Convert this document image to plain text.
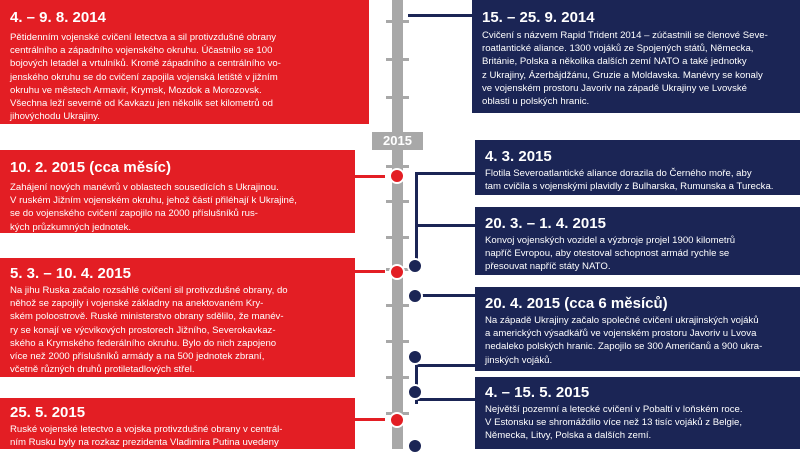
2015
4. – 9. 8. 2014
Pětidenním vojenské cvičení letectva a sil protivzdušné obrany
centrálního a západního vojenského okruhu. Účastnilo se 100
bojových letadel a vrtulníků. Kromě západního a centrálního vo-
jenského okruhu se do cvičení zapojila vojenská letiště v jižním
okruhu ve městech Armavir, Krymsk, Mozdok a Morozovsk.
Všechna leží severně od Kavkazu jen několik set kilometrů od
jihovýchodu Ukrajiny.
10. 2. 2015 (cca měsíc)
Zahájení nových manévrů v oblastech sousedících s Ukrajinou.
V ruském Jižním vojenském okruhu, jehož částí přiléhají k Ukrajiné,
se do vojenského cvičení zapojilo na 2000 příslušníků rus-
kých průzkumných jednotek.
5. 3. – 10. 4. 2015
Na jihu Ruska začalo rozsáhlé cvičení sil protivzdušné obrany, do
něhož se zapojily i vojenské základny na anektovaném Kry-
ském poloostrově. Ruské ministerstvo obrany sdělilo, že manév-
ry se konají ve výcvikových prostorech Jižního, Severokavkaz-
ského a Krymského federálního okruhu. Bylo do nich zapojeno
více než 2000 příslušníků armády a na 500 jednotek zbraní,
včetně různých druhů protiletadlových střel.
25. 5. 2015
Ruské vojenské letectvo a vojska protivzdušné obrany v centrál-
ním Rusku byly na rozkaz prezidenta Vladimira Putina uvedeny
15. – 25. 9. 2014
Cvičení s názvem Rapid Trident 2014 – zúčastnili se členové Seve-
roatlantické aliance. 1300 vojáků ze Spojených států, Německa,
Británie, Polska a několika dalších zemí NATO a také jednotky
z Ukrajiny, Ázerbájdžánu, Gruzie a Moldavska. Manévry se konaly
ve vojenském prostoru Javoriv na západě Ukrajiny ve Lvovské
oblasti u polských hranic.
4. 3. 2015
Flotila Severoatlantické aliance dorazila do Černého moře, aby
tam cvičila s vojenskými plavidly z Bulharska, Rumunska a Turecka.
20. 3. – 1. 4. 2015
Konvoj vojenských vozidel a výzbroje projel 1900 kilometrů
napříč Evropou, aby otestoval schopnost armád rychle se
přesouvat napříč státy NATO.
20. 4. 2015 (cca 6 měsíců)
Na západě Ukrajiny začalo společné cvičení ukrajinských vojáků
a amerických výsadkářů ve vojenském prostoru Javoriv u Lvova
nedaleko polských hranic. Zapojilo se 300 Američanů a 900 ukra-
jinských vojáků.
4. – 15. 5. 2015
Největší pozemní a letecké cvičení v Pobaltí v loňském roce.
V Estonsku se shromáždilo více než 13 tisíc vojáků z Belgie,
Německa, Litvy, Polska a dalších zemí.
